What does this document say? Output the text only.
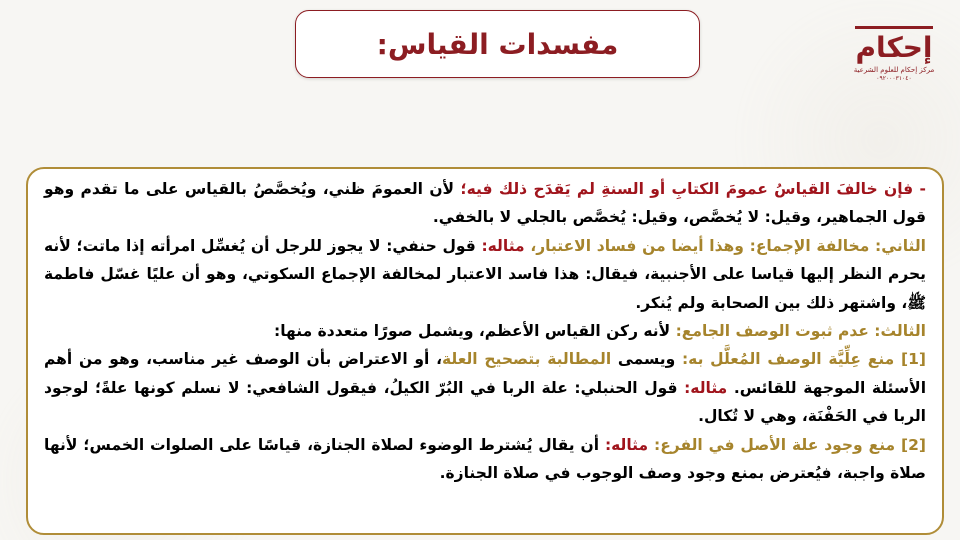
مفسدات القياس:	إحكام
مركز إحكام للعلوم الشرعية
٠٩٢٠٠٠٣١٠٤٠

- فإن خالفَ القياسُ عمومَ الكتابِ أو السنةِ لم يَقدَح ذلك فيه؛ لأن العمومَ ظني، ويُخصَّصُ بالقياس على ما تقدم وهو قول الجماهير، وقيل: لا يُخصَّص، وقيل: يُخصَّص بالجلي لا بالخفي.

الثاني: مخالفة الإجماع: وهذا أيضا من فساد الاعتبار، مثاله: قول حنفي: لا يجوز للرجل أن يُغسِّل امرأته إذا ماتت؛ لأنه يحرم النظر إليها قياسا على الأجنبية، فيقال: هذا فاسد الاعتبار لمخالفة الإجماع السكوتي، وهو أن عليًا غسّل فاطمة ﷺ، واشتهر ذلك بين الصحابة ولم يُنكر.

الثالث: عدم ثبوت الوصف الجامع: لأنه ركن القياس الأعظم، ويشمل صورًا متعددة منها:

[1] منع عِلِّيَّة الوصف المُعلَّل به: ويسمى المطالبة بتصحيح العلة، أو الاعتراض بأن الوصف غير مناسب، وهو من أهم الأسئلة الموجهة للقائس. مثاله: قول الحنبلي: علة الربا في البُرّ الكيلُ، فيقول الشافعي: لا نسلم كونها علةً؛ لوجود الربا في الحَفْنَة، وهي لا تُكال.

[2] منع وجود علة الأصل في الفرع: مثاله: أن يقال يُشترط الوضوء لصلاة الجنازة، قياسًا على الصلوات الخمس؛ لأنها صلاة واجبة، فيُعترض بمنع وجود وصف الوجوب في صلاة الجنازة.
